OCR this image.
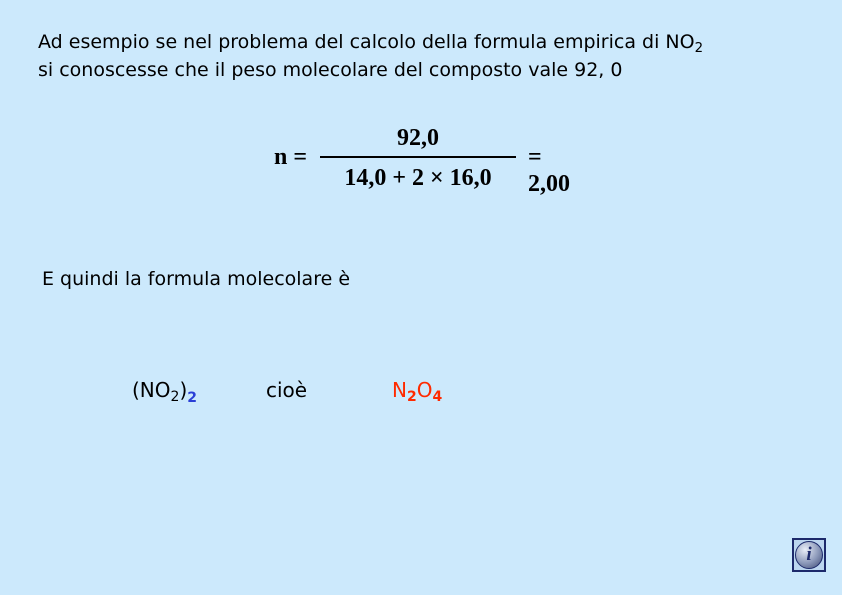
Ad esempio se nel problema del calcolo della formula empirica di $NO_2$

si conoscesse che il peso molecolare del composto vale 92, 0

n =
92,0
14,0 + 2 × 16,0
= 2,00

E quindi la formula molecolare è

$(NO_2)_2$	cioè	$N_2O_4$
i
